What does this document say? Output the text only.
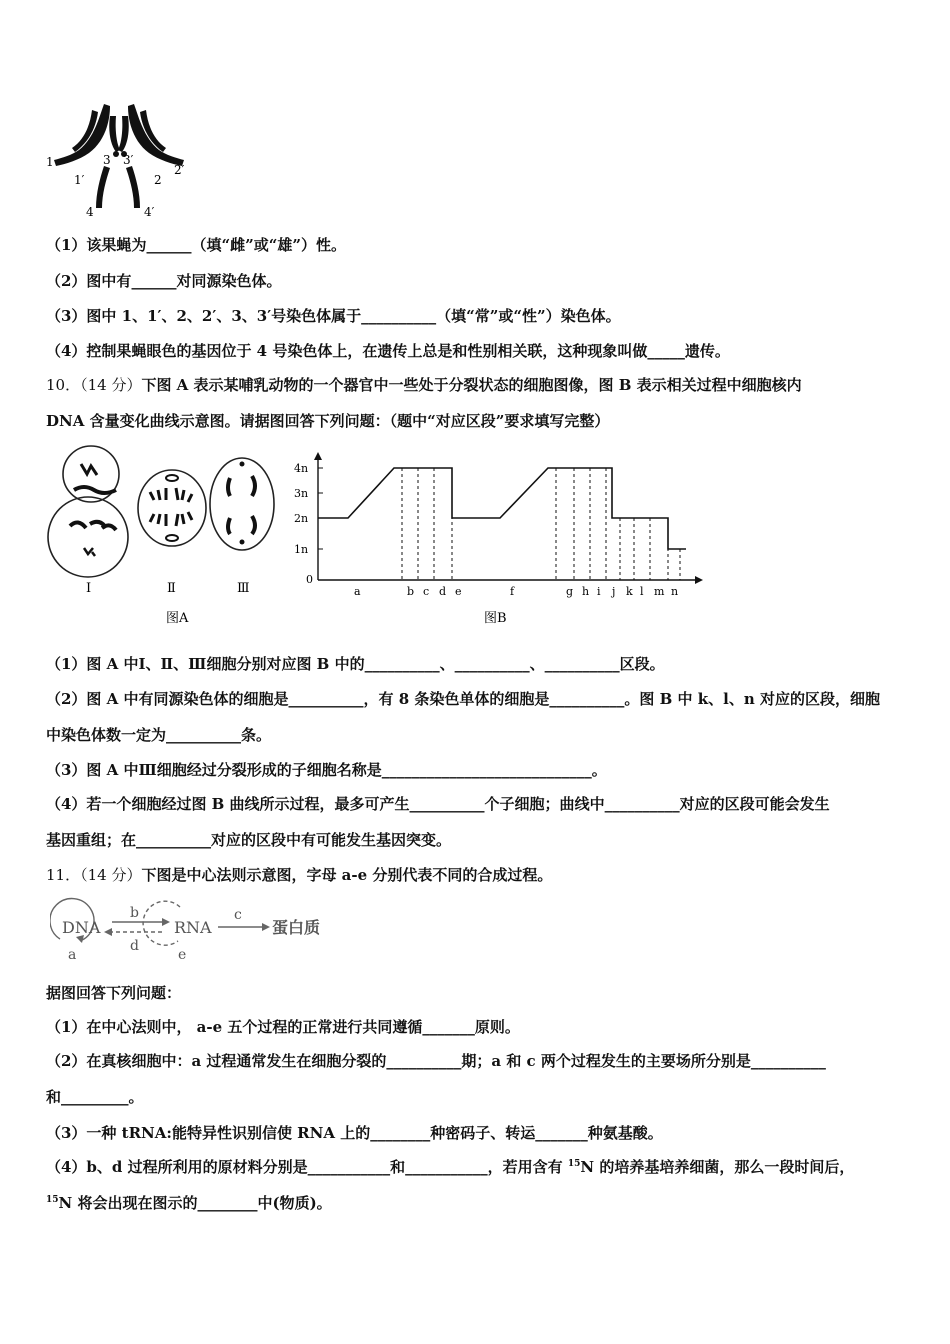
1
1′
3 3′
2
2′
4	4′
（1）该果蝇为______（填“雌”或“雄”）性。
（2）图中有______对同源染色体。
（3）图中 1、1′、2、2′、3、3′号染色体属于__________（填“常”或“性”）染色体。
（4）控制果蝇眼色的基因位于 4 号染色体上，在遗传上总是和性别相关联，这种现象叫做_____遗传。
10．（14 分）下图 A 表示某哺乳动物的一个器官中一些处于分裂状态的细胞图像，图 B 表示相关过程中细胞核内
DNA 含量变化曲线示意图。请据图回答下列问题：（题中“对应区段”要求填写完整）
Ⅰ	Ⅱ	Ⅲ
图A
4n
3n
2n
1n
0
a	b c d e	f	g h i j k l m n
图B
（1）图 A 中Ⅰ、Ⅱ、Ⅲ细胞分别对应图 B 中的__________、__________、__________区段。
（2）图 A 中有同源染色体的细胞是__________，有 8 条染色单体的细胞是__________。图 B 中 k、l、n 对应的区段，细胞
中染色体数一定为__________条。
（3）图 A 中Ⅲ细胞经过分裂形成的子细胞名称是____________________________。
（4）若一个细胞经过图 B 曲线所示过程，最多可产生__________个子细胞；曲线中__________对应的区段可能会发生
基因重组；在__________对应的区段中有可能发生基因突变。
11．（14 分）下图是中心法则示意图，字母 a-e 分别代表不同的合成过程。
DNA	RNA	蛋白质
b
d
c
a	e
据图回答下列问题：
（1）在中心法则中， a-e 五个过程的正常进行共同遵循_______原则。
（2）在真核细胞中：a 过程通常发生在细胞分裂的__________期；a 和 c 两个过程发生的主要场所分别是__________
和_________。
（3）一种 tRNA:能特异性识别信使 RNA 上的________种密码子、转运_______种氨基酸。
（4）b、d 过程所利用的原材料分别是___________和___________，若用含有 $^{15}$N 的培养基培养细菌，那么一段时间后，
$^{15}$N 将会出现在图示的________中(物质)。
